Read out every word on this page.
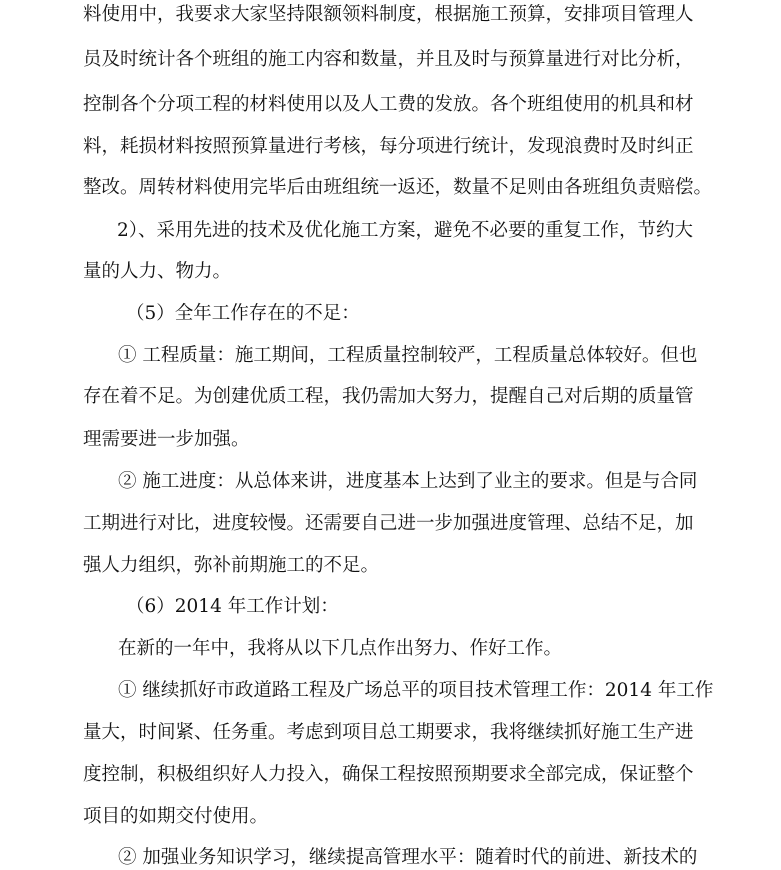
料使用中，我要求大家坚持限额领料制度，根据施工预算，安排项目管理人
员及时统计各个班组的施工内容和数量，并且及时与预算量进行对比分析，
控制各个分项工程的材料使用以及人工费的发放。各个班组使用的机具和材
料，耗损材料按照预算量进行考核，每分项进行统计，发现浪费时及时纠正
整改。周转材料使用完毕后由班组统一返还，数量不足则由各班组负责赔偿。
2）、采用先进的技术及优化施工方案，避免不必要的重复工作，节约大
量的人力、物力。
（5）全年工作存在的不足：
① 工程质量：施工期间，工程质量控制较严，工程质量总体较好。但也
存在着不足。为创建优质工程，我仍需加大努力，提醒自己对后期的质量管
理需要进一步加强。
② 施工进度：从总体来讲，进度基本上达到了业主的要求。但是与合同
工期进行对比，进度较慢。还需要自己进一步加强进度管理、总结不足，加
强人力组织，弥补前期施工的不足。
（6）2014 年工作计划：
在新的一年中，我将从以下几点作出努力、作好工作。
① 继续抓好市政道路工程及广场总平的项目技术管理工作：2014 年工作
量大，时间紧、任务重。考虑到项目总工期要求，我将继续抓好施工生产进
度控制，积极组织好人力投入，确保工程按照预期要求全部完成，保证整个
项目的如期交付使用。
② 加强业务知识学习，继续提高管理水平：随着时代的前进、新技术的
